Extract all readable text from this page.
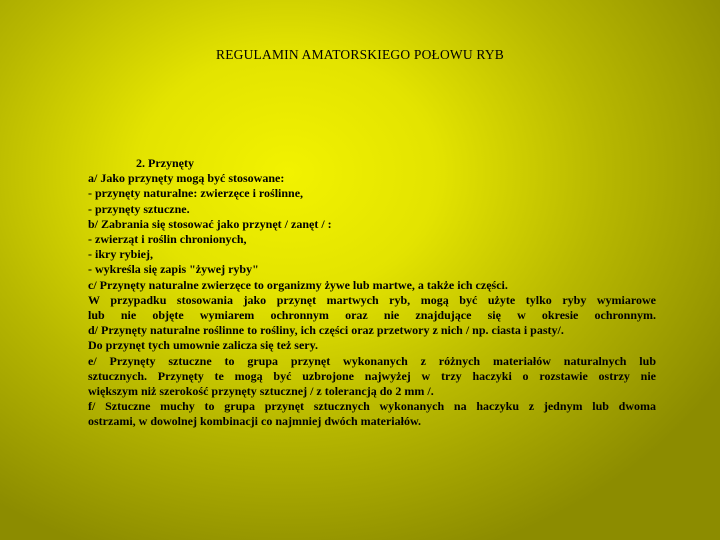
REGULAMIN AMATORSKIEGO POŁOWU RYB
2. Przynęty
a/ Jako przynęty mogą być stosowane:
- przynęty naturalne: zwierzęce i roślinne,
- przynęty sztuczne.
b/ Zabrania się stosować jako przynęt / zanęt / :
- zwierząt i roślin chronionych,
- ikry rybiej,
- wykreśla się zapis "żywej ryby"
c/ Przynęty naturalne zwierzęce to organizmy żywe lub martwe, a także ich części.
W przypadku stosowania jako przynęt martwych ryb, mogą być użyte tylko ryby wymiarowe
lub nie objęte wymiarem ochronnym oraz nie znajdujące się w okresie ochronnym.
d/ Przynęty naturalne roślinne to rośliny, ich części oraz przetwory z nich / np. ciasta i pasty/.
Do przynęt tych umownie zalicza się też sery.
e/ Przynęty sztuczne to grupa przynęt wykonanych z różnych materiałów naturalnych lub
sztucznych. Przynęty te mogą być uzbrojone najwyżej w trzy haczyki o rozstawie ostrzy nie
większym niż szerokość przynęty sztucznej / z tolerancją do 2 mm /.
f/ Sztuczne muchy to grupa przynęt sztucznych wykonanych na haczyku z jednym lub dwoma
ostrzami, w dowolnej kombinacji co najmniej dwóch materiałów.
